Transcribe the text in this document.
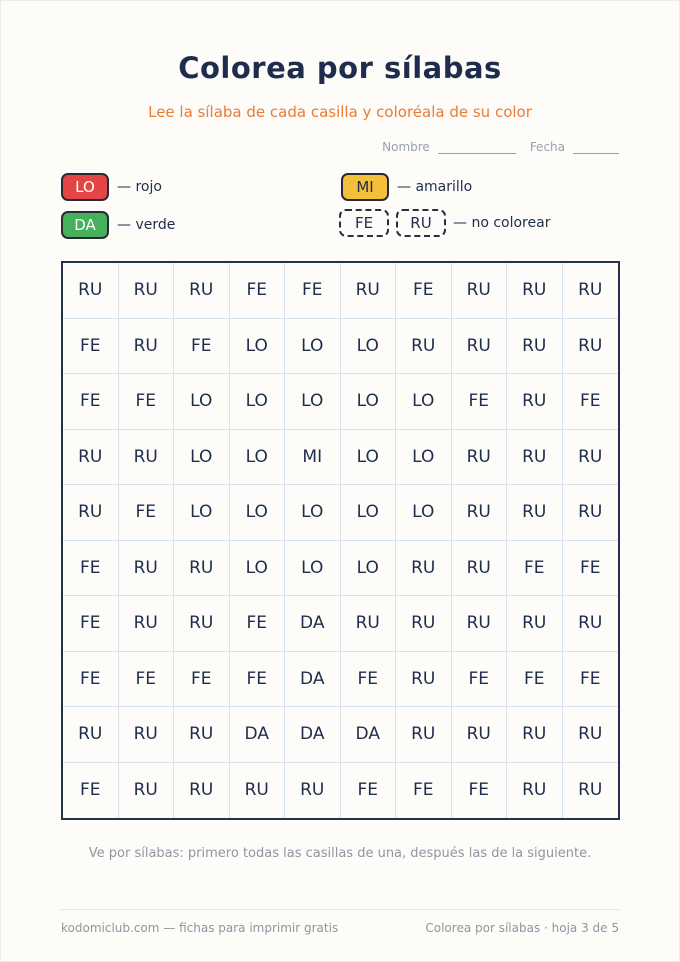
Colorea por sílabas
Lee la sílaba de cada casilla y coloréala de su color
Nombre	Fecha
LO	— rojo	MI	— amarillo
DA	— verde	FE	RU	— no colorear
RU	RU	RU	FE	FE	RU	FE	RU	RU	RU
FE	RU	FE	LO	LO	LO	RU	RU	RU	RU
FE	FE	LO	LO	LO	LO	LO	FE	RU	FE
RU	RU	LO	LO	MI	LO	LO	RU	RU	RU
RU	FE	LO	LO	LO	LO	LO	RU	RU	RU
FE	RU	RU	LO	LO	LO	RU	RU	FE	FE
FE	RU	RU	FE	DA	RU	RU	RU	RU	RU
FE	FE	FE	FE	DA	FE	RU	FE	FE	FE
RU	RU	RU	DA	DA	DA	RU	RU	RU	RU
FE	RU	RU	RU	RU	FE	FE	FE	RU	RU
Ve por sílabas: primero todas las casillas de una, después las de la siguiente.
kodomiclub.com — fichas para imprimir gratis	Colorea por sílabas · hoja 3 de 5
